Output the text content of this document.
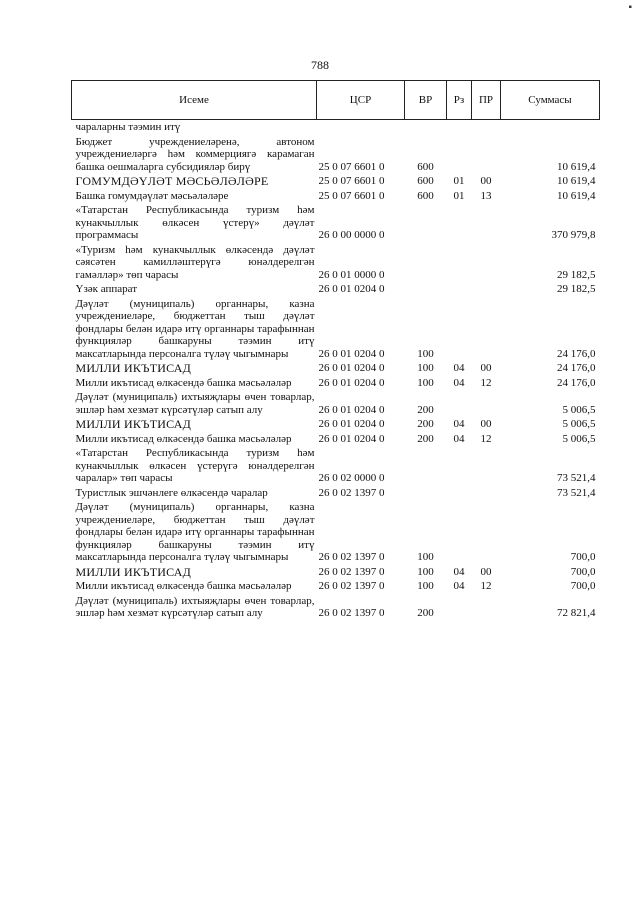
▪
788
Исеме	ЦСР	ВР	Рз	ПР	Суммасы
чараларны тәэмин итү					
Бюджет учреждениеләренә, автоном учреждениеләргә һәм коммерциягә карамаган башка оешмаларга субсидияләр бирү	25 0 07 6601 0	600			10 619,4
ГОМУМДӘҮЛӘТ МӘСЬӘЛӘЛӘРЕ	25 0 07 6601 0	600	01	00	10 619,4
Башка гомумдәүләт мәсьәләләре	25 0 07 6601 0	600	01	13	10 619,4
«Татарстан Республикасында туризм һәм кунакчыллык өлкәсен үстерү» дәүләт программасы	26 0 00 0000 0				370 979,8
«Туризм һәм кунакчыллык өлкәсендә дәүләт сәясәтен камилләштерүгә юнәлдерелгән гамәлләр» төп чарасы	26 0 01 0000 0				29 182,5
Үзәк аппарат	26 0 01 0204 0				29 182,5
Дәүләт (муниципаль) органнары, казна учреждениеләре, бюджеттан тыш дәүләт фондлары белән идарә итү органнары тарафыннан функцияләр башкаруны тәэмин итү максатларында персоналга түләү чыгымнары	26 0 01 0204 0	100			24 176,0
МИЛЛИ ИКЪТИСАД	26 0 01 0204 0	100	04	00	24 176,0
Милли икътисад өлкәсендә башка мәсьәләләр	26 0 01 0204 0	100	04	12	24 176,0
Дәүләт (муниципаль) ихтыяҗлары өчен товарлар, эшләр һәм хезмәт күрсәтүләр сатып алу	26 0 01 0204 0	200			5 006,5
МИЛЛИ ИКЪТИСАД	26 0 01 0204 0	200	04	00	5 006,5
Милли икътисад өлкәсендә башка мәсьәләләр	26 0 01 0204 0	200	04	12	5 006,5
«Татарстан Республикасында туризм һәм кунакчыллык өлкәсен үстерүгә юнәлдерелгән чаралар» төп чарасы	26 0 02 0000 0				73 521,4
Туристлык эшчәнлеге өлкәсендә чаралар	26 0 02 1397 0				73 521,4
Дәүләт (муниципаль) органнары, казна учреждениеләре, бюджеттан тыш дәүләт фондлары белән идарә итү органнары тарафыннан функцияләр башкаруны тәэмин итү максатларында персоналга түләү чыгымнары	26 0 02 1397 0	100			700,0
МИЛЛИ ИКЪТИСАД	26 0 02 1397 0	100	04	00	700,0
Милли икътисад өлкәсендә башка мәсьәләләр	26 0 02 1397 0	100	04	12	700,0
Дәүләт (муниципаль) ихтыяҗлары өчен товарлар, эшләр һәм хезмәт күрсәтүләр сатып алу	26 0 02 1397 0	200			72 821,4
